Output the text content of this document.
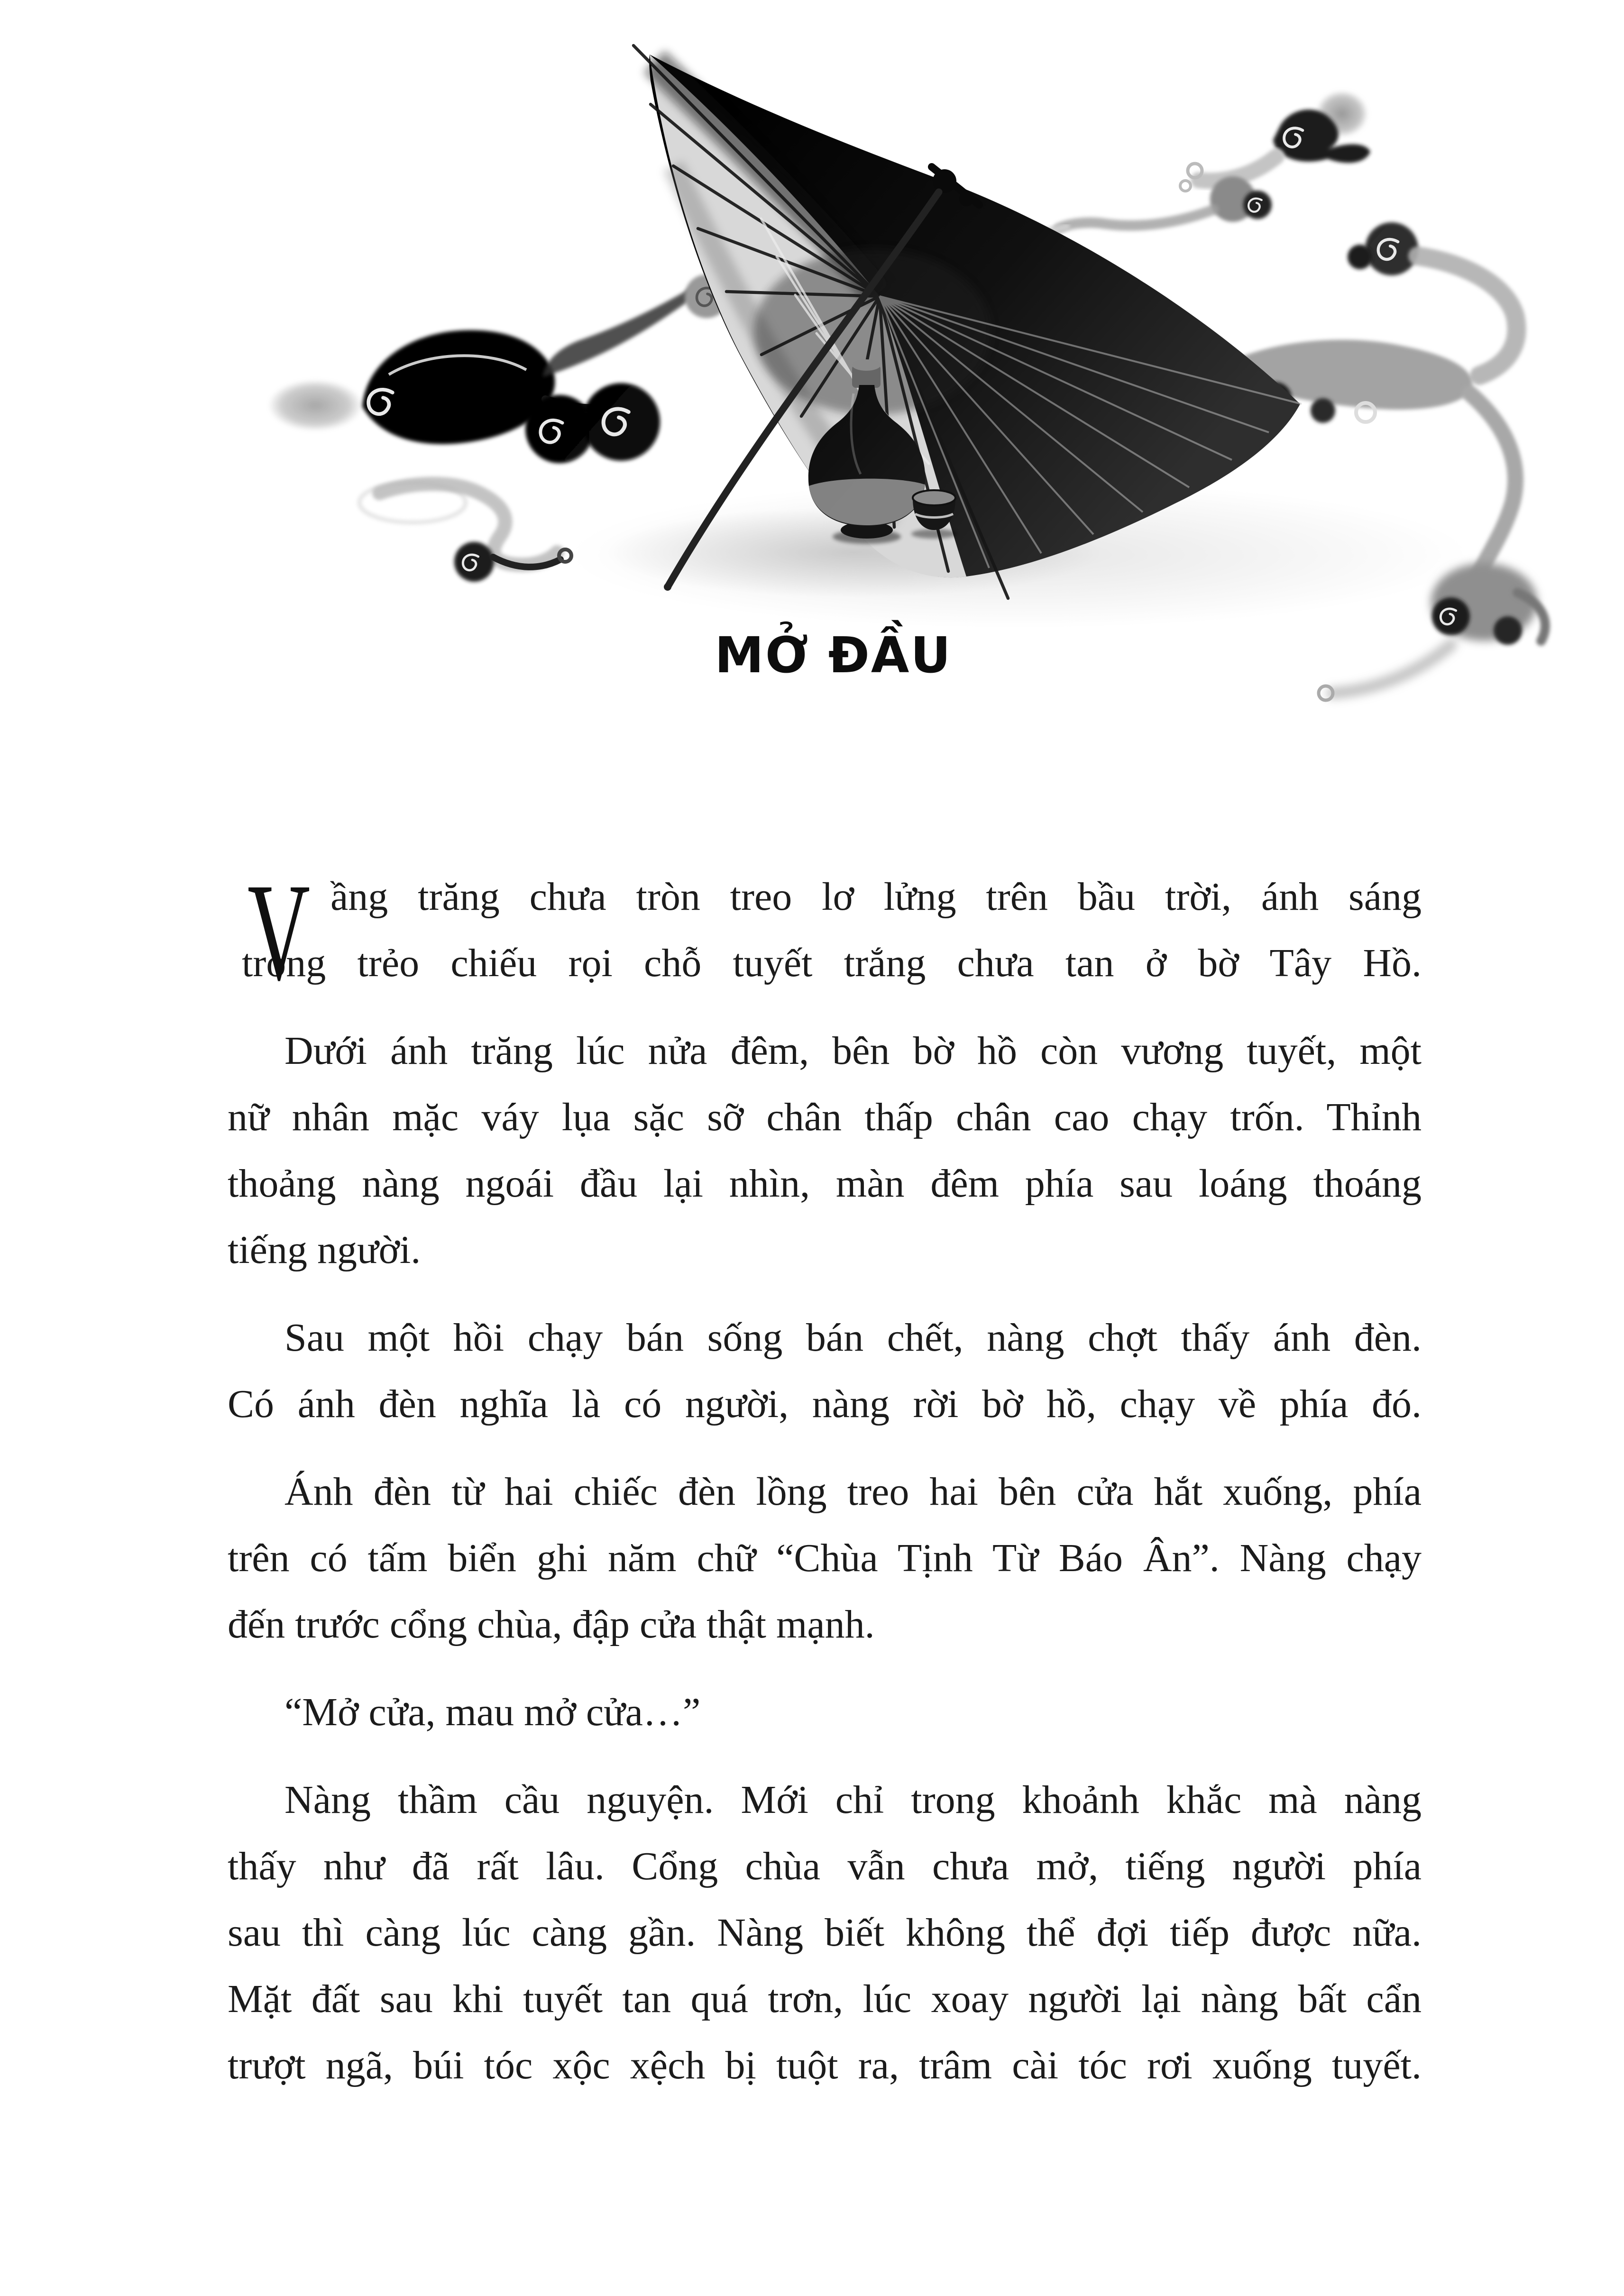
MỞ ĐẦU
V ầng trăng chưa tròn treo lơ lửng trên bầu trời, ánh sáng
trong trẻo chiếu rọi chỗ tuyết trắng chưa tan ở bờ Tây Hồ.
Dưới ánh trăng lúc nửa đêm, bên bờ hồ còn vương tuyết, một
nữ nhân mặc váy lụa sặc sỡ chân thấp chân cao chạy trốn. Thỉnh
thoảng nàng ngoái đầu lại nhìn, màn đêm phía sau loáng thoáng
tiếng người.
Sau một hồi chạy bán sống bán chết, nàng chợt thấy ánh đèn.
Có ánh đèn nghĩa là có người, nàng rời bờ hồ, chạy về phía đó.
Ánh đèn từ hai chiếc đèn lồng treo hai bên cửa hắt xuống, phía
trên có tấm biển ghi năm chữ “Chùa Tịnh Từ Báo Ân”. Nàng chạy
đến trước cổng chùa, đập cửa thật mạnh.
“Mở cửa, mau mở cửa…”
Nàng thầm cầu nguyện. Mới chỉ trong khoảnh khắc mà nàng
thấy như đã rất lâu. Cổng chùa vẫn chưa mở, tiếng người phía
sau thì càng lúc càng gần. Nàng biết không thể đợi tiếp được nữa.
Mặt đất sau khi tuyết tan quá trơn, lúc xoay người lại nàng bất cẩn
trượt ngã, búi tóc xộc xệch bị tuột ra, trâm cài tóc rơi xuống tuyết.
